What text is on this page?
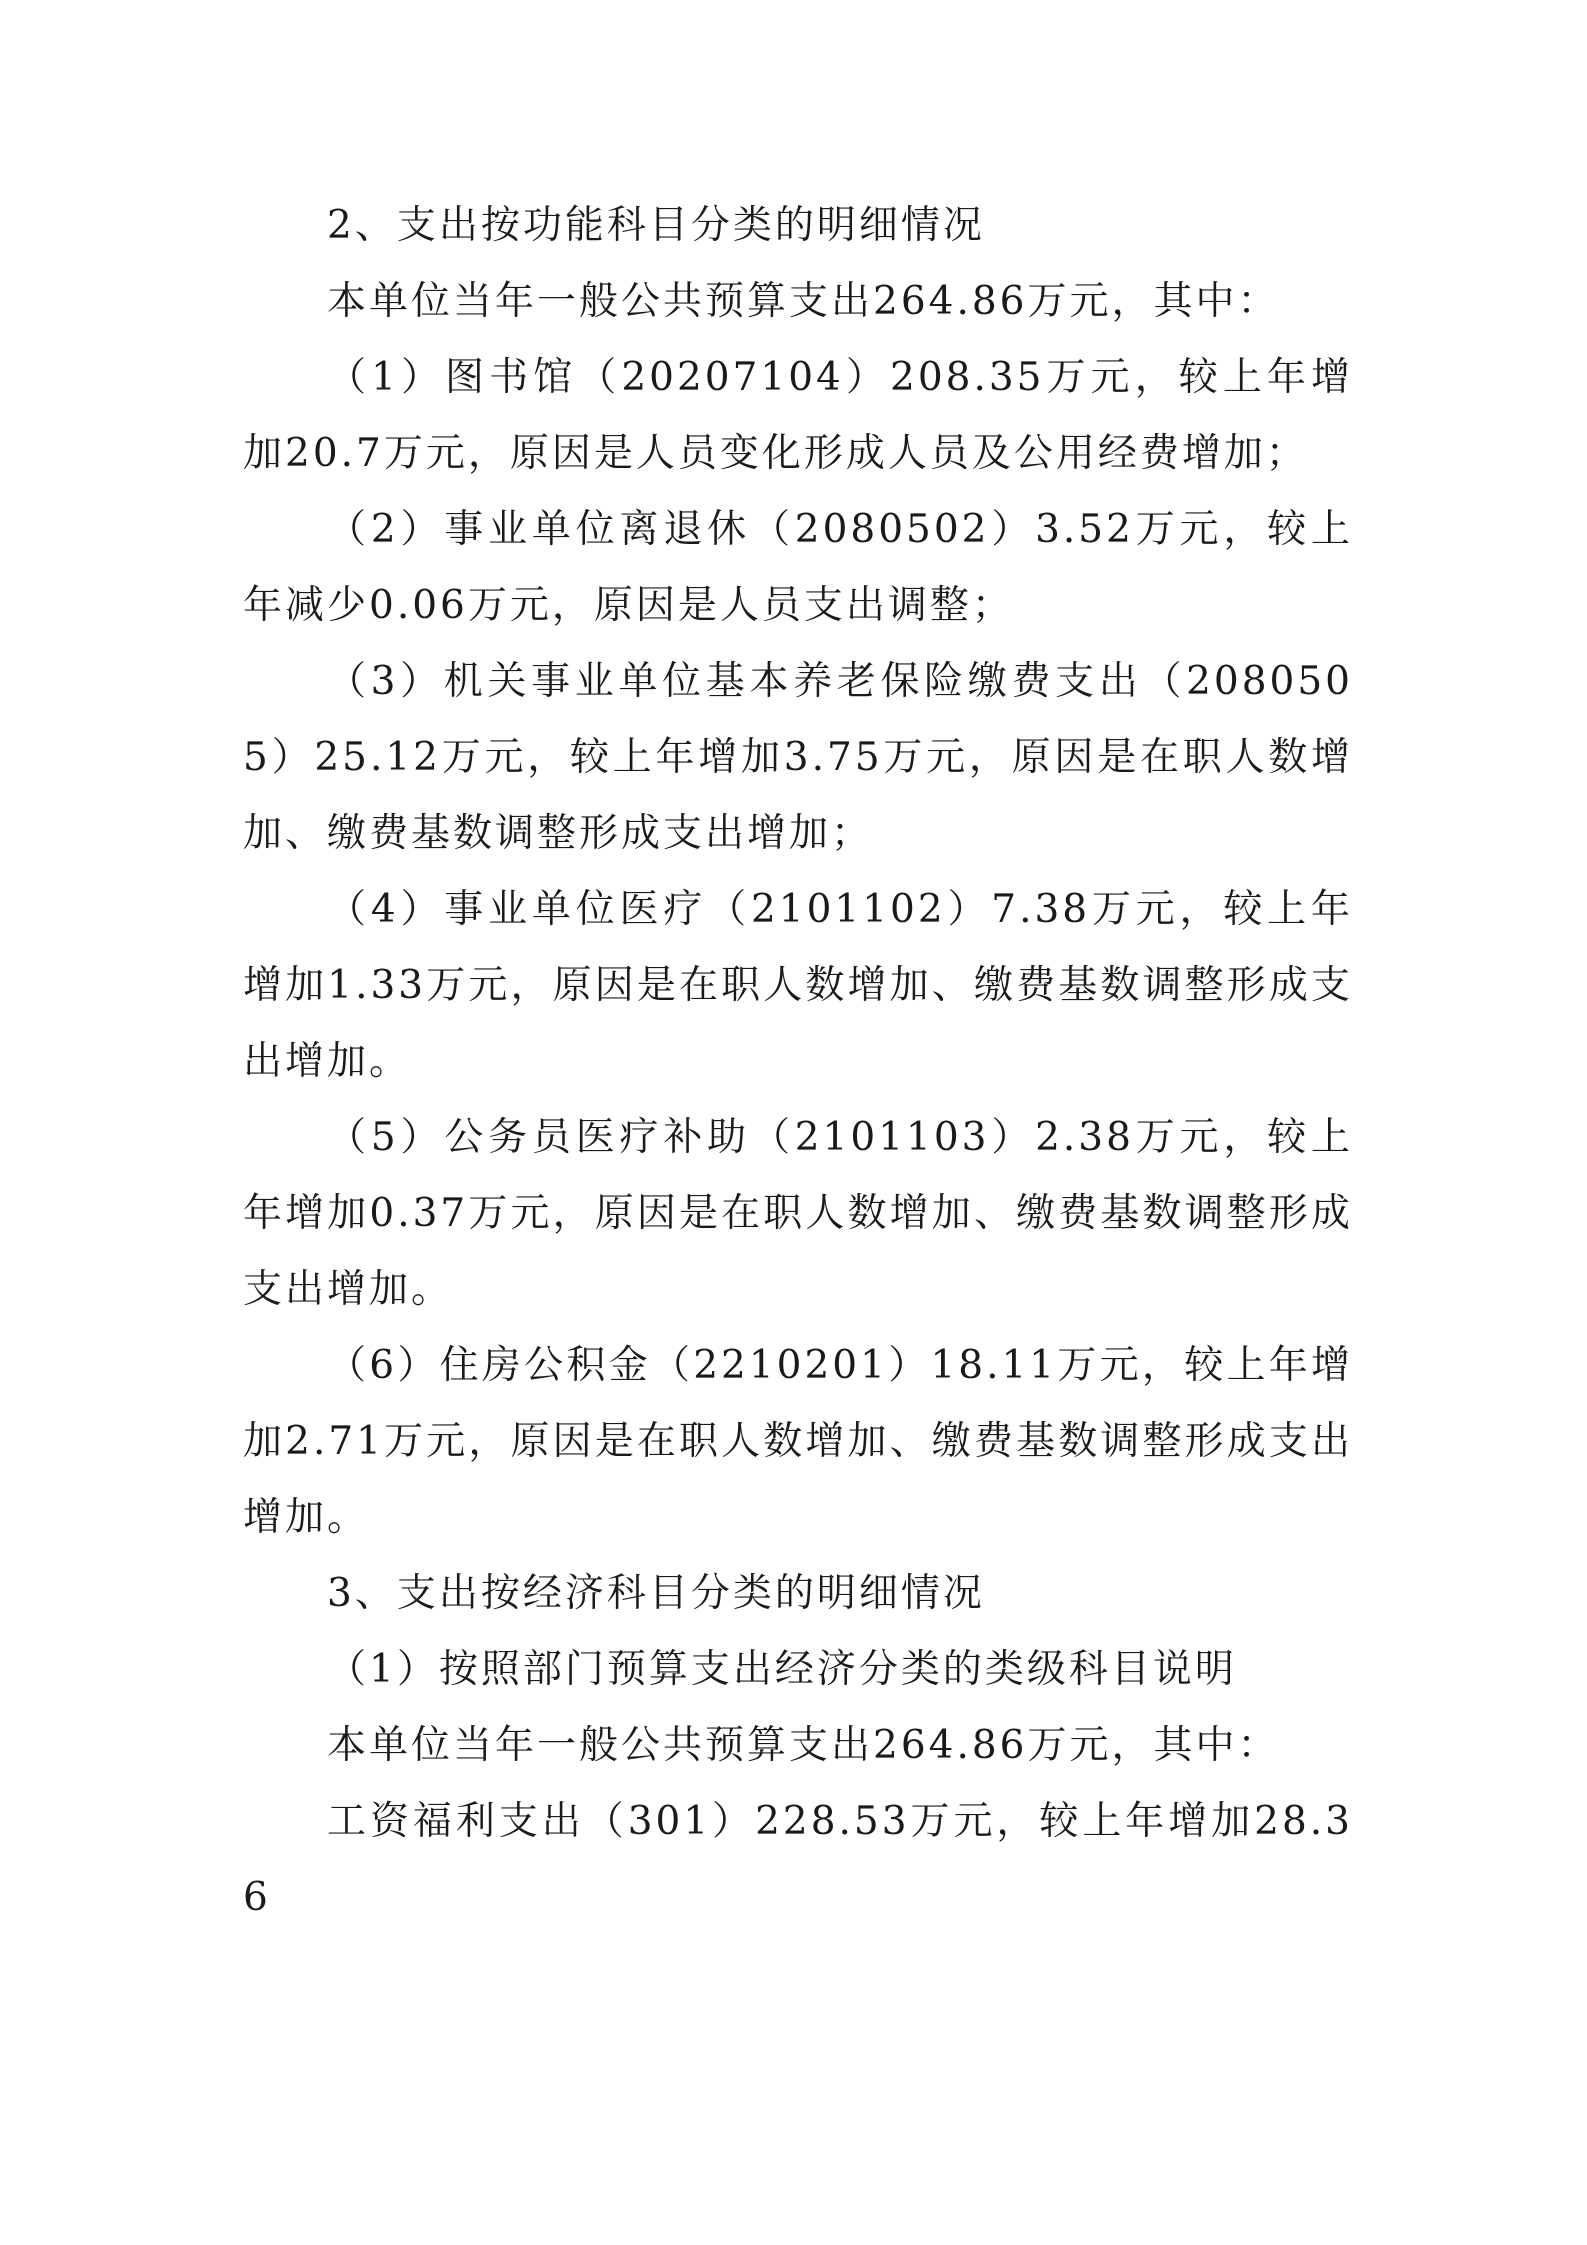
2、支出按功能科目分类的明细情况

本单位当年一般公共预算支出264.86万元，其中：

（1）图书馆（20207104）208.35万元，较上年增加20.7万元，原因是人员变化形成人员及公用经费增加；

（2）事业单位离退休（2080502）3.52万元，较上年减少0.06万元，原因是人员支出调整；

（3）机关事业单位基本养老保险缴费支出（2080505）25.12万元，较上年增加3.75万元，原因是在职人数增加、缴费基数调整形成支出增加；

（4）事业单位医疗（2101102）7.38万元，较上年增加1.33万元，原因是在职人数增加、缴费基数调整形成支出增加。

（5）公务员医疗补助（2101103）2.38万元，较上年增加0.37万元，原因是在职人数增加、缴费基数调整形成支出增加。

（6）住房公积金（2210201）18.11万元，较上年增加2.71万元，原因是在职人数增加、缴费基数调整形成支出增加。

3、支出按经济科目分类的明细情况

（1）按照部门预算支出经济分类的类级科目说明

本单位当年一般公共预算支出264.86万元，其中：

工资福利支出（301）228.53万元，较上年增加28.36
